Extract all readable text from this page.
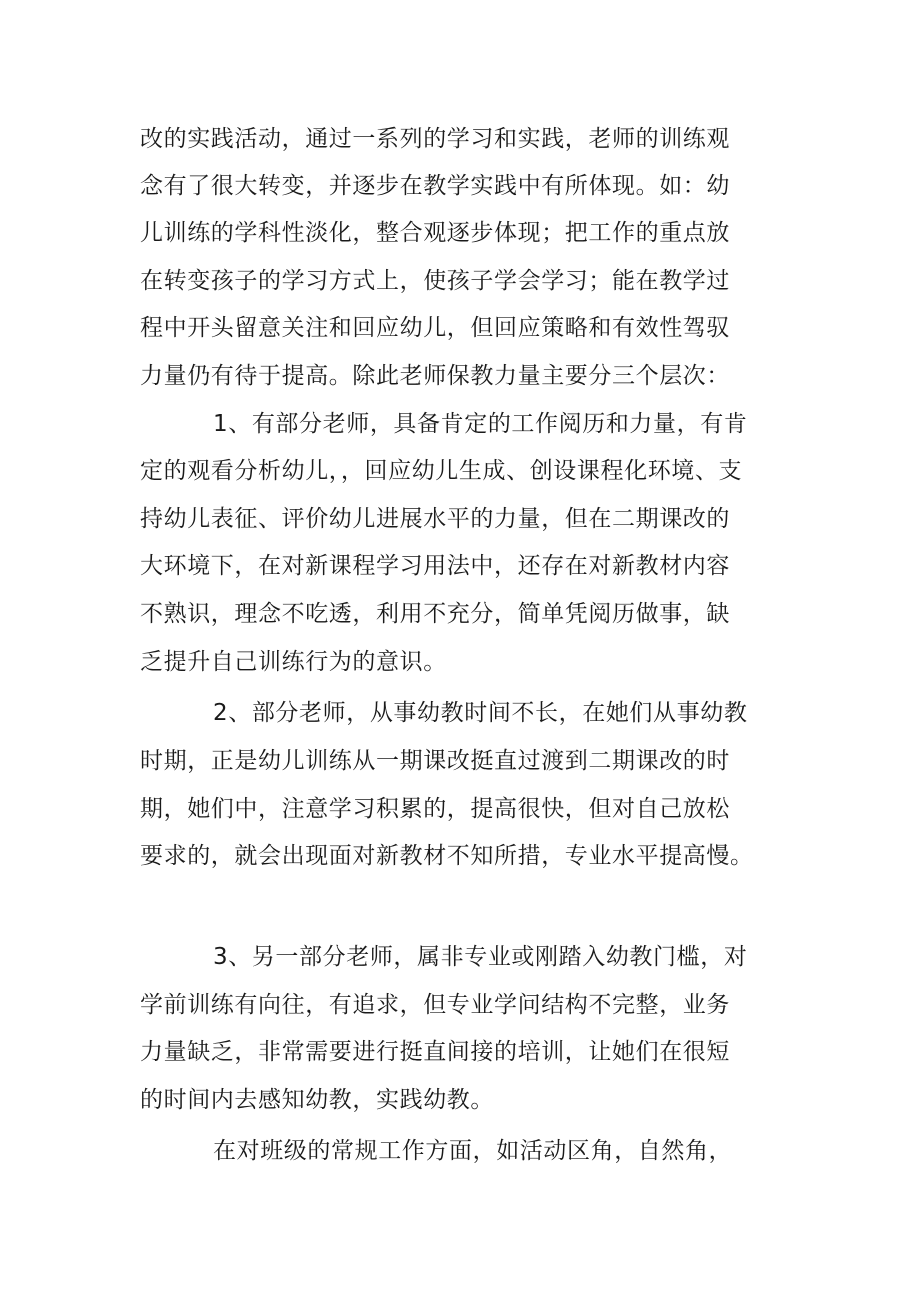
改的实践活动，通过一系列的学习和实践，老师的训练观
念有了很大转变，并逐步在教学实践中有所体现。如：幼
儿训练的学科性淡化，整合观逐步体现；把工作的重点放
在转变孩子的学习方式上，使孩子学会学习；能在教学过
程中开头留意关注和回应幼儿，但回应策略和有效性驾驭
力量仍有待于提高。除此老师保教力量主要分三个层次：
1、有部分老师，具备肯定的工作阅历和力量，有肯
定的观看分析幼儿，，回应幼儿生成、创设课程化环境、支
持幼儿表征、评价幼儿进展水平的力量，但在二期课改的
大环境下，在对新课程学习用法中，还存在对新教材内容
不熟识，理念不吃透，利用不充分，简单凭阅历做事，缺
乏提升自己训练行为的意识。
2、部分老师，从事幼教时间不长，在她们从事幼教
时期，正是幼儿训练从一期课改挺直过渡到二期课改的时
期，她们中，注意学习积累的，提高很快，但对自己放松
要求的，就会出现面对新教材不知所措，专业水平提高慢。
3、另一部分老师，属非专业或刚踏入幼教门槛，对
学前训练有向往，有追求，但专业学问结构不完整，业务
力量缺乏，非常需要进行挺直间接的培训，让她们在很短
的时间内去感知幼教，实践幼教。
在对班级的常规工作方面，如活动区角，自然角，
